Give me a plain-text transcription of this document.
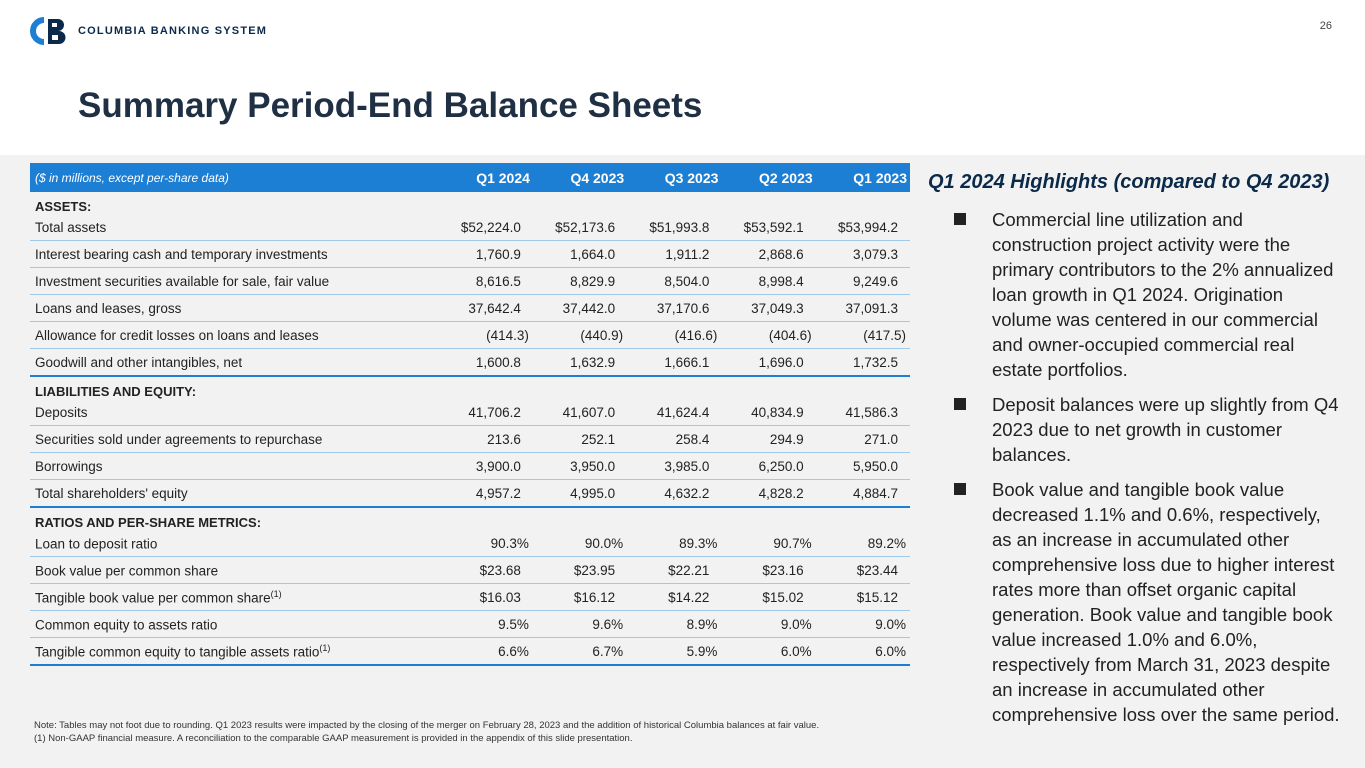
COLUMBIA BANKING SYSTEM	26
Summary Period-End Balance Sheets
($ in millions, except per-share data)	Q1 2024	Q4 2023	Q3 2023	Q2 2023	Q1 2023
ASSETS:					
Total assets	$52,224.0	$52,173.6	$51,993.8	$53,592.1	$53,994.2
Interest bearing cash and temporary investments	1,760.9	1,664.0	1,911.2	2,868.6	3,079.3
Investment securities available for sale, fair value	8,616.5	8,829.9	8,504.0	8,998.4	9,249.6
Loans and leases, gross	37,642.4	37,442.0	37,170.6	37,049.3	37,091.3
Allowance for credit losses on loans and leases	(414.3)	(440.9)	(416.6)	(404.6)	(417.5)
Goodwill and other intangibles, net	1,600.8	1,632.9	1,666.1	1,696.0	1,732.5
LIABILITIES AND EQUITY:					
Deposits	41,706.2	41,607.0	41,624.4	40,834.9	41,586.3
Securities sold under agreements to repurchase	213.6	252.1	258.4	294.9	271.0
Borrowings	3,900.0	3,950.0	3,985.0	6,250.0	5,950.0
Total shareholders' equity	4,957.2	4,995.0	4,632.2	4,828.2	4,884.7
RATIOS AND PER-SHARE METRICS:					
Loan to deposit ratio	90.3%	90.0%	89.3%	90.7%	89.2%
Book value per common share	$23.68	$23.95	$22.21	$23.16	$23.44
Tangible book value per common share$^{(1)}$	$16.03	$16.12	$14.22	$15.02	$15.12
Common equity to assets ratio	9.5%	9.6%	8.9%	9.0%	9.0%
Tangible common equity to tangible assets ratio$^{(1)}$	6.6%	6.7%	5.9%	6.0%	6.0%
Note: Tables may not foot due to rounding. Q1 2023 results were impacted by the closing of the merger on February 28, 2023 and the addition of historical Columbia balances at fair value.
(1) Non-GAAP financial measure. A reconciliation to the comparable GAAP measurement is provided in the appendix of this slide presentation.
Q1 2024 Highlights (compared to Q4 2023)
Commercial line utilization and construction project activity were the primary contributors to the 2% annualized loan growth in Q1 2024. Origination volume was centered in our commercial and owner-occupied commercial real estate portfolios.
Deposit balances were up slightly from Q4 2023 due to net growth in customer balances.
Book value and tangible book value decreased 1.1% and 0.6%, respectively, as an increase in accumulated other comprehensive loss due to higher interest rates more than offset organic capital generation. Book value and tangible book value increased 1.0% and 6.0%, respectively from March 31, 2023 despite an increase in accumulated other comprehensive loss over the same period.
